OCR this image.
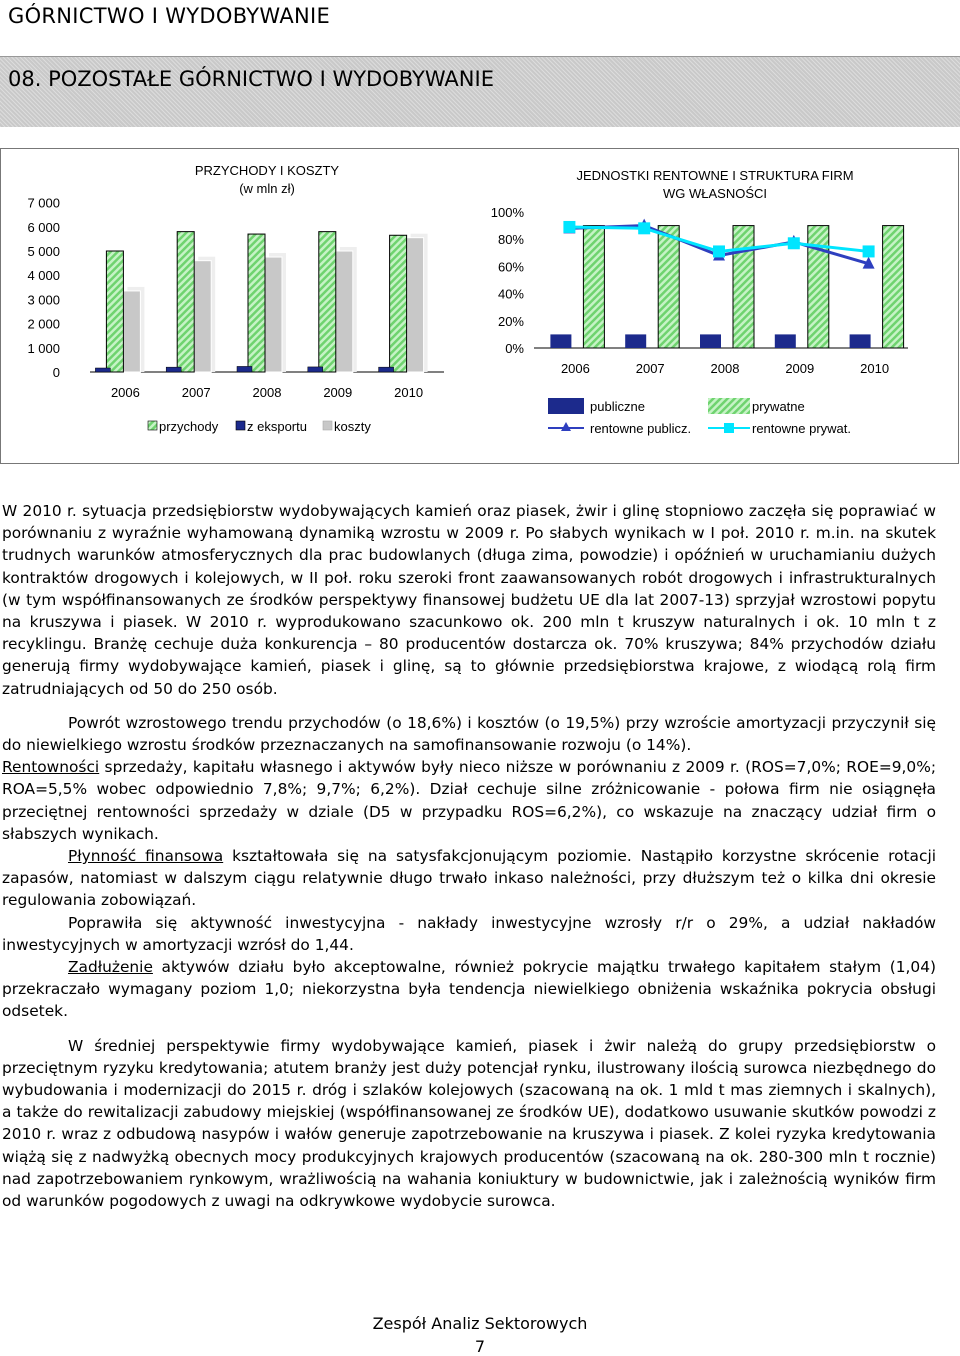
GÓRNICTWO I WYDOBYWANIE
08. POZOSTAŁE GÓRNICTWO I WYDOBYWANIE
PRZYCHODY I KOSZTY
(w mln zł)
7 000
6 000
5 000
4 000
3 000
2 000
1 000
0
2006	2007	2008	2009	2010
przychody z eksportu koszty
JEDNOSTKI RENTOWNE I STRUKTURA FIRM
WG WŁASNOŚCI
100%
80%
60%
40%
20%
0%
2006	2007	2008	2009	2010
publiczne	prywatne
rentowne publicz.	rentowne prywat.

W 2010 r. sytuacja przedsiębiorstw wydobywających kamień oraz piasek, żwir i glinę stopniowo zaczęła się poprawiać w porównaniu z wyraźnie wyhamowaną dynamiką wzrostu w 2009 r. Po słabych wynikach w I poł. 2010 r. m.in. na skutek trudnych warunków atmosferycznych dla prac budowlanych (długa zima, powodzie) i opóźnień w uruchamianiu dużych kontraktów drogowych i kolejowych, w II poł. roku szeroki front zaawansowanych robót drogowych i infrastrukturalnych (w tym współfinansowanych ze środków perspektywy finansowej budżetu UE dla lat 2007-13) sprzyjał wzrostowi popytu na kruszywa i piasek. W 2010 r. wyprodukowano szacunkowo ok. 200 mln t kruszyw naturalnych i ok. 10 mln t z recyklingu. Branżę cechuje duża konkurencja – 80 producentów dostarcza ok. 70% kruszywa; 84% przychodów działu generują firmy wydobywające kamień, piasek i glinę, są to głównie przedsiębiorstwa krajowe, z wiodącą rolą firm zatrudniających od 50 do 250 osób.

Powrót wzrostowego trendu przychodów (o 18,6%) i kosztów (o 19,5%) przy wzroście amortyzacji przyczynił się do niewielkiego wzrostu środków przeznaczanych na samofinansowanie rozwoju (o 14%).

Rentowności sprzedaży, kapitału własnego i aktywów były nieco niższe w porównaniu z 2009 r. (ROS=7,0%; ROE=9,0%; ROA=5,5% wobec odpowiednio 7,8%; 9,7%; 6,2%). Dział cechuje silne zróżnicowanie - połowa firm nie osiągnęła przeciętnej rentowności sprzedaży w dziale (D5 w przypadku ROS=6,2%), co wskazuje na znaczący udział firm o słabszych wynikach.

Płynność finansowa kształtowała się na satysfakcjonującym poziomie. Nastąpiło korzystne skrócenie rotacji zapasów, natomiast w dalszym ciągu relatywnie długo trwało inkaso należności, przy dłuższym też o kilka dni okresie regulowania zobowiązań.

Poprawiła się aktywność inwestycyjna - nakłady inwestycyjne wzrosły r/r o 29%, a udział nakładów inwestycyjnych w amortyzacji wzrósł do 1,44.

Zadłużenie aktywów działu było akceptowalne, również pokrycie majątku trwałego kapitałem stałym (1,04) przekraczało wymagany poziom 1,0; niekorzystna była tendencja niewielkiego obniżenia wskaźnika pokrycia obsługi odsetek.

W średniej perspektywie firmy wydobywające kamień, piasek i żwir należą do grupy przedsiębiorstw o przeciętnym ryzyku kredytowania; atutem branży jest duży potencjał rynku, ilustrowany ilością surowca niezbędnego do wybudowania i modernizacji do 2015 r. dróg i szlaków kolejowych (szacowaną na ok. 1 mld t mas ziemnych i skalnych), a także do rewitalizacji zabudowy miejskiej (współfinansowanej ze środków UE), dodatkowo usuwanie skutków powodzi z 2010 r. wraz z odbudową nasypów i wałów generuje zapotrzebowanie na kruszywa i piasek. Z kolei ryzyka kredytowania wiążą się z nadwyżką obecnych mocy produkcyjnych krajowych producentów (szacowaną na ok. 280-300 mln t rocznie) nad zapotrzebowaniem rynkowym, wrażliwością na wahania koniuktury w budownictwie, jak i zależnością wyników firm od warunków pogodowych z uwagi na odkrywkowe wydobycie surowca.

Zespół Analiz Sektorowych
7
